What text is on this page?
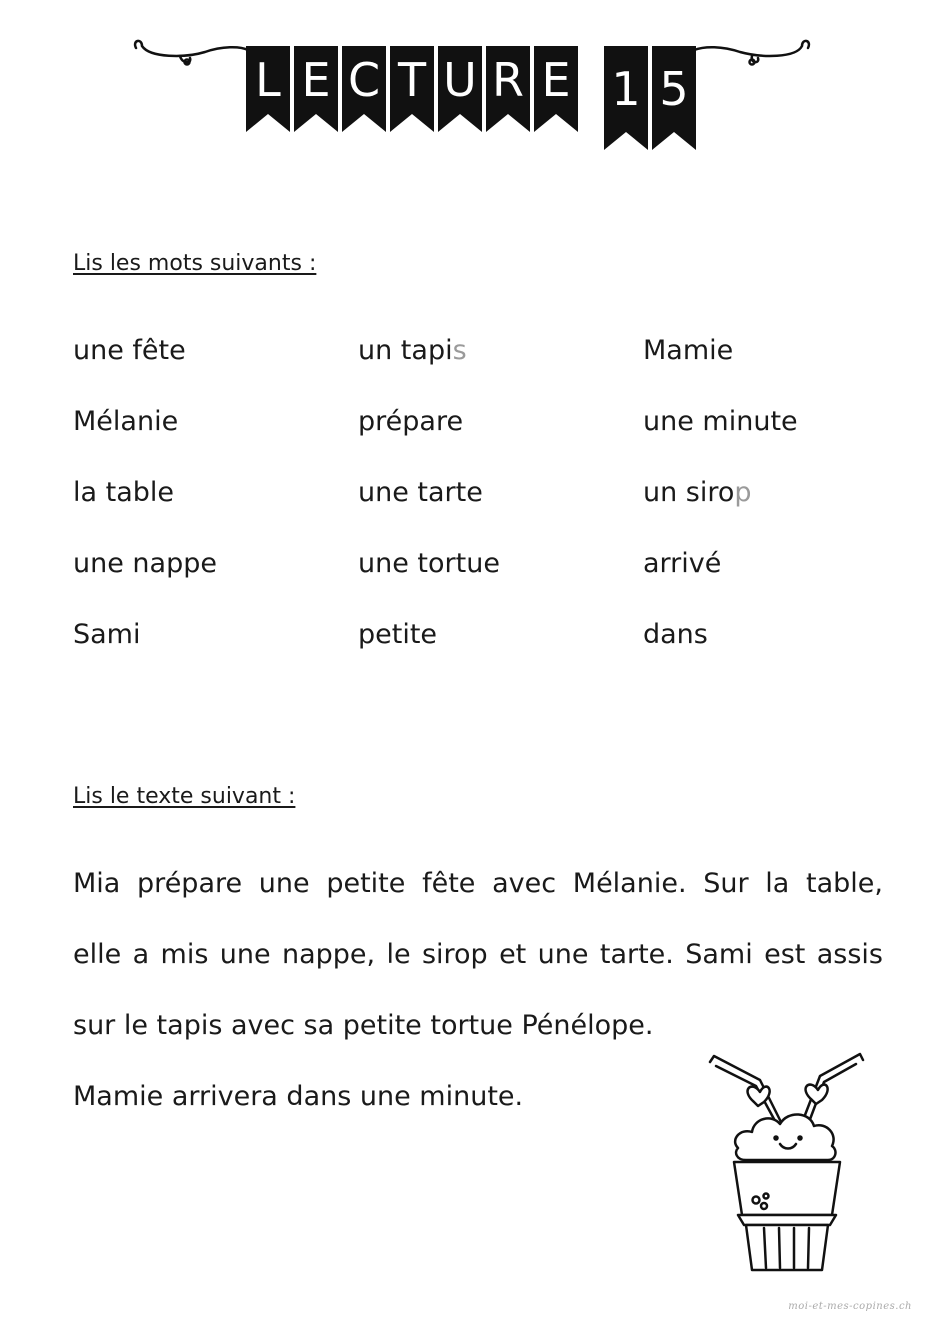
L E C T U R E 1 5
Lis les mots suivants :
une fête	un tapis	Mamie
Mélanie	prépare	une minute
la table	une tarte	un sirop
une nappe	une tortue	arrivé
Sami	petite	dans
Lis le texte suivant :
Mia prépare une petite fête avec Mélanie. Sur la table,
elle a mis une nappe, le sirop et une tarte. Sami est assis
sur le tapis avec sa petite tortue Pénélope.
Mamie arrivera dans une minute.
moi-et-mes-copines.ch
